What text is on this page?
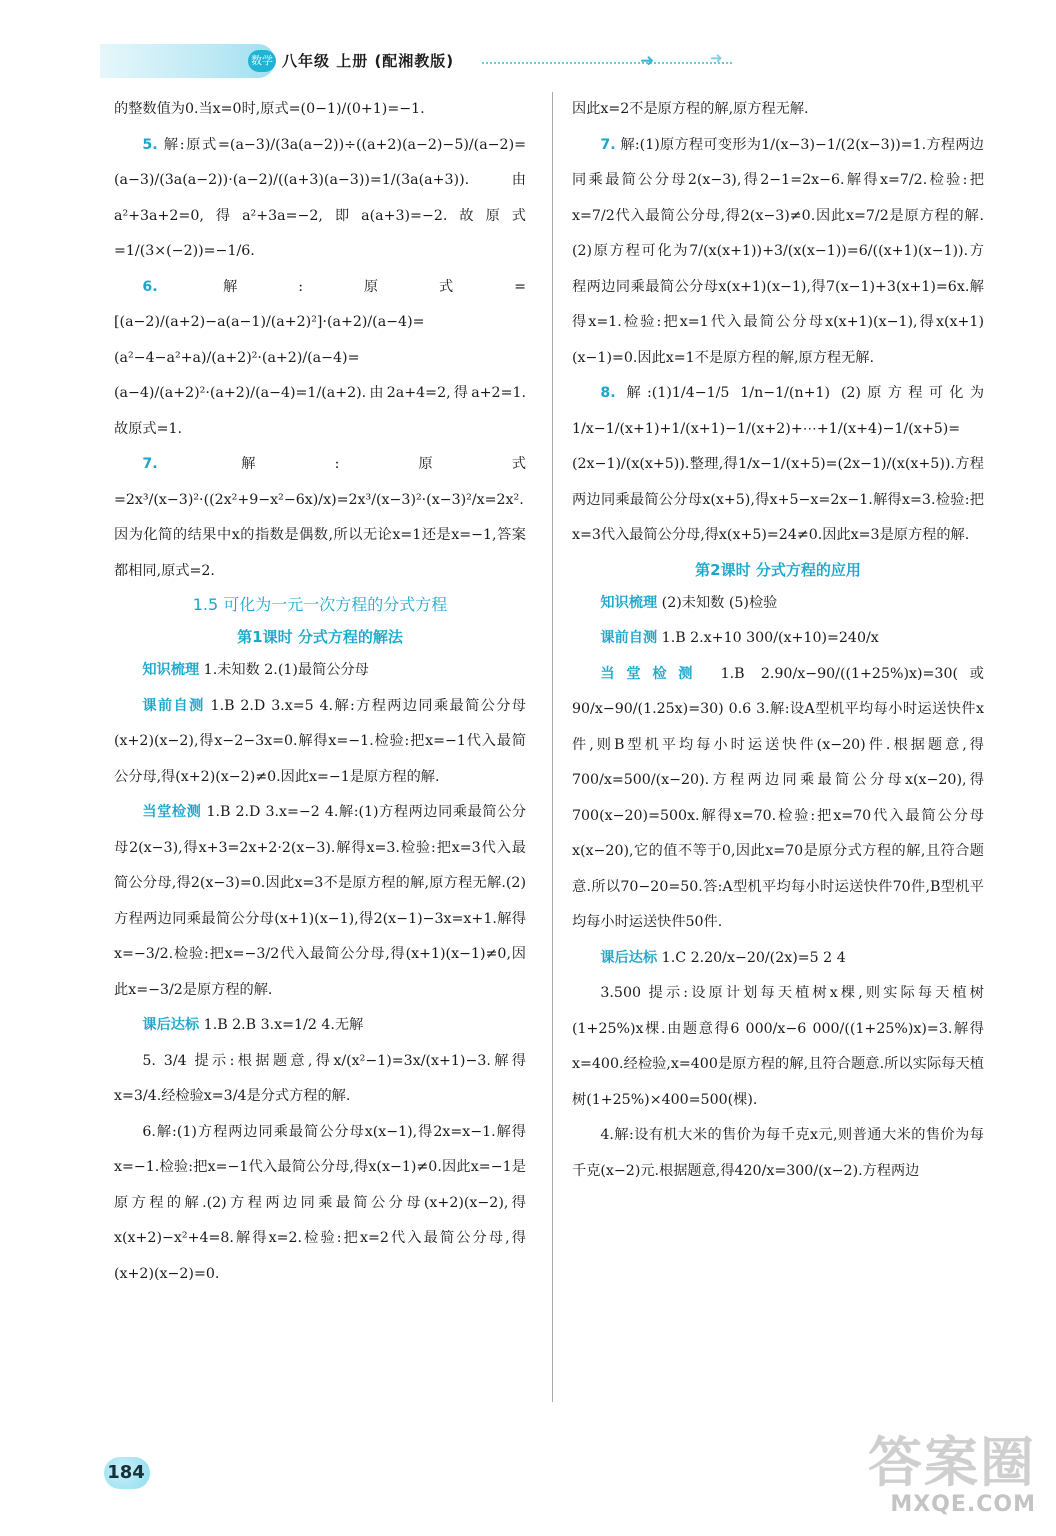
数学 八年级 上册 (配湘教版)	➜	➜

的整数值为0.当x=0时,原式=(0−1)/(0+1)=−1.

5. 解:原式=(a−3)/(3a(a−2))÷((a+2)(a−2)−5)/(a−2)=(a−3)/(3a(a−2))·(a−2)/((a+3)(a−3))=1/(3a(a+3)).由a²+3a+2=0,得a²+3a=−2,即a(a+3)=−2.故原式=1/(3×(−2))=−1/6.

6.	解:原式=[(a−2)/(a+2)−a(a−1)/(a+2)²]·(a+2)/(a−4)=(a²−4−a²+a)/(a+2)²·(a+2)/(a−4)=(a−4)/(a+2)²·(a+2)/(a−4)=1/(a+2).由2a+4=2,得a+2=1.故原式=1.

7.	解:原式=2x³/(x−3)²·((2x²+9−x²−6x)/x)=2x³/(x−3)²·(x−3)²/x=2x².因为化简的结果中x的指数是偶数,所以无论x=1还是x=−1,答案都相同,原式=2.

1.5 可化为一元一次方程的分式方程

第1课时 分式方程的解法

知识梳理 1.未知数 2.(1)最简公分母

课前自测 1.B 2.D 3.x=5 4.解:方程两边同乘最简公分母(x+2)(x−2),得x−2−3x=0.解得x=−1.检验:把x=−1代入最简公分母,得(x+2)(x−2)≠0.因此x=−1是原方程的解.

当堂检测 1.B 2.D 3.x=−2 4.解:(1)方程两边同乘最简公分母2(x−3),得x+3=2x+2·2(x−3).解得x=3.检验:把x=3代入最简公分母,得2(x−3)=0.因此x=3不是原方程的解,原方程无解.(2)方程两边同乘最简公分母(x+1)(x−1),得2(x−1)−3x=x+1.解得x=−3/2.检验:把x=−3/2代入最简公分母,得(x+1)(x−1)≠0,因此x=−3/2是原方程的解.

课后达标 1.B 2.B 3.x=1/2 4.无解

5. 3/4 提示:根据题意,得x/(x²−1)=3x/(x+1)−3.解得x=3/4.经检验x=3/4是分式方程的解.

6.解:(1)方程两边同乘最简公分母x(x−1),得2x=x−1.解得x=−1.检验:把x=−1代入最简公分母,得x(x−1)≠0.因此x=−1是原方程的解.(2)方程两边同乘最简公分母(x+2)(x−2),得x(x+2)−x²+4=8.解得x=2.检验:把x=2代入最简公分母,得(x+2)(x−2)=0.

因此x=2不是原方程的解,原方程无解.

7. 解:(1)原方程可变形为1/(x−3)−1/(2(x−3))=1.方程两边同乘最简公分母2(x−3),得2−1=2x−6.解得x=7/2.检验:把x=7/2代入最简公分母,得2(x−3)≠0.因此x=7/2是原方程的解.(2)原方程可化为7/(x(x+1))+3/(x(x−1))=6/((x+1)(x−1)).方程两边同乘最简公分母x(x+1)(x−1),得7(x−1)+3(x+1)=6x.解得x=1.检验:把x=1代入最简公分母x(x+1)(x−1),得x(x+1)(x−1)=0.因此x=1不是原方程的解,原方程无解.

8. 解:(1)1/4−1/5 1/n−1/(n+1) (2)原方程可化为1/x−1/(x+1)+1/(x+1)−1/(x+2)+⋯+1/(x+4)−1/(x+5)=(2x−1)/(x(x+5)).整理,得1/x−1/(x+5)=(2x−1)/(x(x+5)).方程两边同乘最简公分母x(x+5),得x+5−x=2x−1.解得x=3.检验:把x=3代入最简公分母,得x(x+5)=24≠0.因此x=3是原方程的解.

第2课时 分式方程的应用

知识梳理 (2)未知数 (5)检验

课前自测 1.B 2.x+10 300/(x+10)=240/x

当堂检测 1.B 2.90/x−90/((1+25%)x)=30(或90/x−90/(1.25x)=30) 0.6 3.解:设A型机平均每小时运送快件x件,则B型机平均每小时运送快件(x−20)件.根据题意,得700/x=500/(x−20).方程两边同乘最简公分母x(x−20),得700(x−20)=500x.解得x=70.检验:把x=70代入最简公分母x(x−20),它的值不等于0,因此x=70是原分式方程的解,且符合题意.所以70−20=50.答:A型机平均每小时运送快件70件,B型机平均每小时运送快件50件.

课后达标 1.C 2.20/x−20/(2x)=5 2 4

3.500 提示:设原计划每天植树x棵,则实际每天植树(1+25%)x棵.由题意得6 000/x−6 000/((1+25%)x)=3.解得x=400.经检验,x=400是原方程的解,且符合题意.所以实际每天植树(1+25%)×400=500(棵).

4.解:设有机大米的售价为每千克x元,则普通大米的售价为每千克(x−2)元.根据题意,得420/x=300/(x−2).方程两边

184	答案圈
MXQE.COM
